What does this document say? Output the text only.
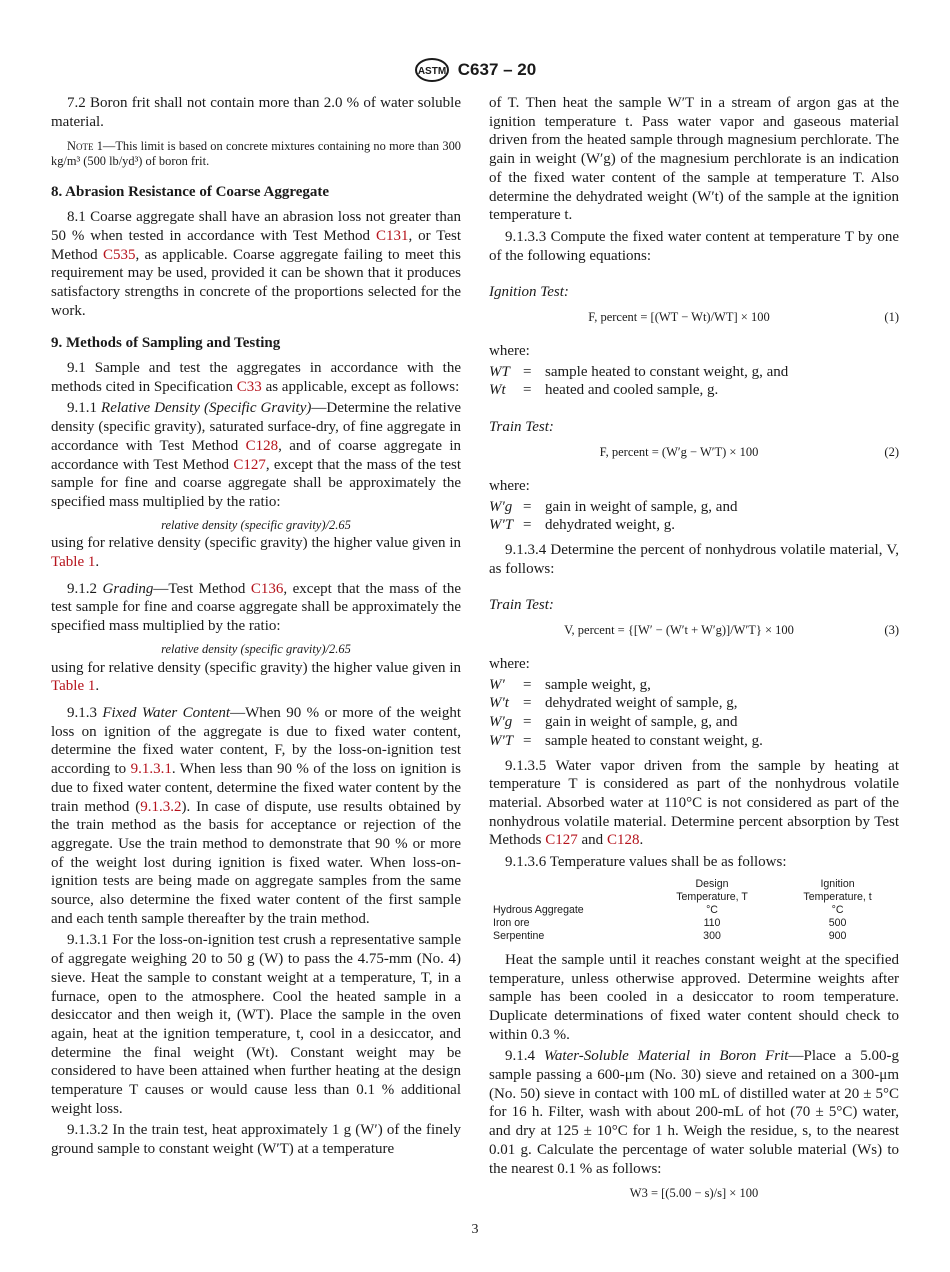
ASTM C637 – 20

7.2 Boron frit shall not contain more than 2.0 % of water soluble material.

Note 1—This limit is based on concrete mixtures containing no more than 300 kg/m³ (500 lb/yd³) of boron frit.

8. Abrasion Resistance of Coarse Aggregate

8.1 Coarse aggregate shall have an abrasion loss not greater than 50 % when tested in accordance with Test Method C131, or Test Method C535, as applicable. Coarse aggregate failing to meet this requirement may be used, provided it can be shown that it produces satisfactory strengths in concrete of the proportions selected for the work.

9. Methods of Sampling and Testing

9.1 Sample and test the aggregates in accordance with the methods cited in Specification C33 as applicable, except as follows:

9.1.1 Relative Density (Specific Gravity)—Determine the relative density (specific gravity), saturated surface-dry, of fine aggregate in accordance with Test Method C128, and of coarse aggregate in accordance with Test Method C127, except that the mass of the test sample for fine and coarse aggregate shall be approximately the specified mass multiplied by the ratio:

relative density (specific gravity)/2.65

using for relative density (specific gravity) the higher value given in Table 1.

9.1.2 Grading—Test Method C136, except that the mass of the test sample for fine and coarse aggregate shall be approximately the specified mass multiplied by the ratio:

relative density (specific gravity)/2.65

using for relative density (specific gravity) the higher value given in Table 1.

9.1.3 Fixed Water Content—When 90 % or more of the weight loss on ignition of the aggregate is due to fixed water content, determine the fixed water content, F, by the loss-on-ignition test according to 9.1.3.1. When less than 90 % of the loss on ignition is due to fixed water content, determine the fixed water content by the train method (9.1.3.2). In case of dispute, use results obtained by the train method as the basis for acceptance or rejection of the aggregate. Use the train method to demonstrate that 90 % or more of the weight lost during ignition is fixed water. When loss-on-ignition tests are being made on aggregate samples from the same source, also determine the fixed water content of the first sample and each tenth sample thereafter by the train method.

9.1.3.1 For the loss-on-ignition test crush a representative sample of aggregate weighing 20 to 50 g (W) to pass the 4.75-mm (No. 4) sieve. Heat the sample to constant weight at a temperature, T, in a furnace, open to the atmosphere. Cool the heated sample in a desiccator and then weigh it, (WT). Place the sample in the oven again, heat at the ignition temperature, t, cool in a desiccator, and determine the final weight (Wt). Constant weight may be considered to have been attained when further heating at the design temperature T causes or would cause less than 0.1 % additional weight loss.

9.1.3.2 In the train test, heat approximately 1 g (W′) of the finely ground sample to constant weight (W′T) at a temperature

of T. Then heat the sample W′T in a stream of argon gas at the ignition temperature t. Pass water vapor and gaseous material driven from the heated sample through magnesium perchlorate. The gain in weight (W′g) of the magnesium perchlorate is an indication of the fixed water content of the sample at temperature T. Also determine the dehydrated weight (W′t) of the sample at the ignition temperature t.

9.1.3.3 Compute the fixed water content at temperature T by one of the following equations:

Ignition Test:
F, percent = [(WT − Wt)/WT] × 100	(1)
where:
WT = sample heated to constant weight, g, and
Wt	= heated and cooled sample, g.
Train Test:
F, percent = (W′g − W′T) × 100	(2)
where:
W′g = gain in weight of sample, g, and
W′T = dehydrated weight, g.

9.1.3.4 Determine the percent of nonhydrous volatile material, V, as follows:

Train Test:
V, percent = {[W′ − (W′t + W′g)]/W′T} × 100	(3)
where:
W′	= sample weight, g,
W′t = dehydrated weight of sample, g,
W′g = gain in weight of sample, g, and
W′T = sample heated to constant weight, g.

9.1.3.5 Water vapor driven from the sample by heating at temperature T is considered as part of the nonhydrous volatile material. Absorbed water at 110°C is not considered as part of the nonhydrous volatile material. Determine percent absorption by Test Methods C127 and C128.

9.1.3.6 Temperature values shall be as follows:

	Design	Ignition
	Temperature, T	Temperature, t
Hydrous Aggregate	°C	°C
Iron ore	110	500
Serpentine	300	900

Heat the sample until it reaches constant weight at the specified temperature, unless otherwise approved. Determine weights after sample has been cooled in a desiccator to room temperature. Duplicate determinations of fixed water content should check to within 0.3 %.

9.1.4 Water-Soluble Material in Boron Frit—Place a 5.00-g sample passing a 600-μm (No. 30) sieve and retained on a 300-μm (No. 50) sieve in contact with 100 mL of distilled water at 20 ± 5°C for 16 h. Filter, wash with about 200-mL of hot (70 ± 5°C) water, and dry at 125 ± 10°C for 1 h. Weigh the residue, s, to the nearest 0.01 g. Calculate the percentage of water soluble material (Ws) to the nearest 0.1 % as follows:

W3 = [(5.00 − s)/s] × 100
3
